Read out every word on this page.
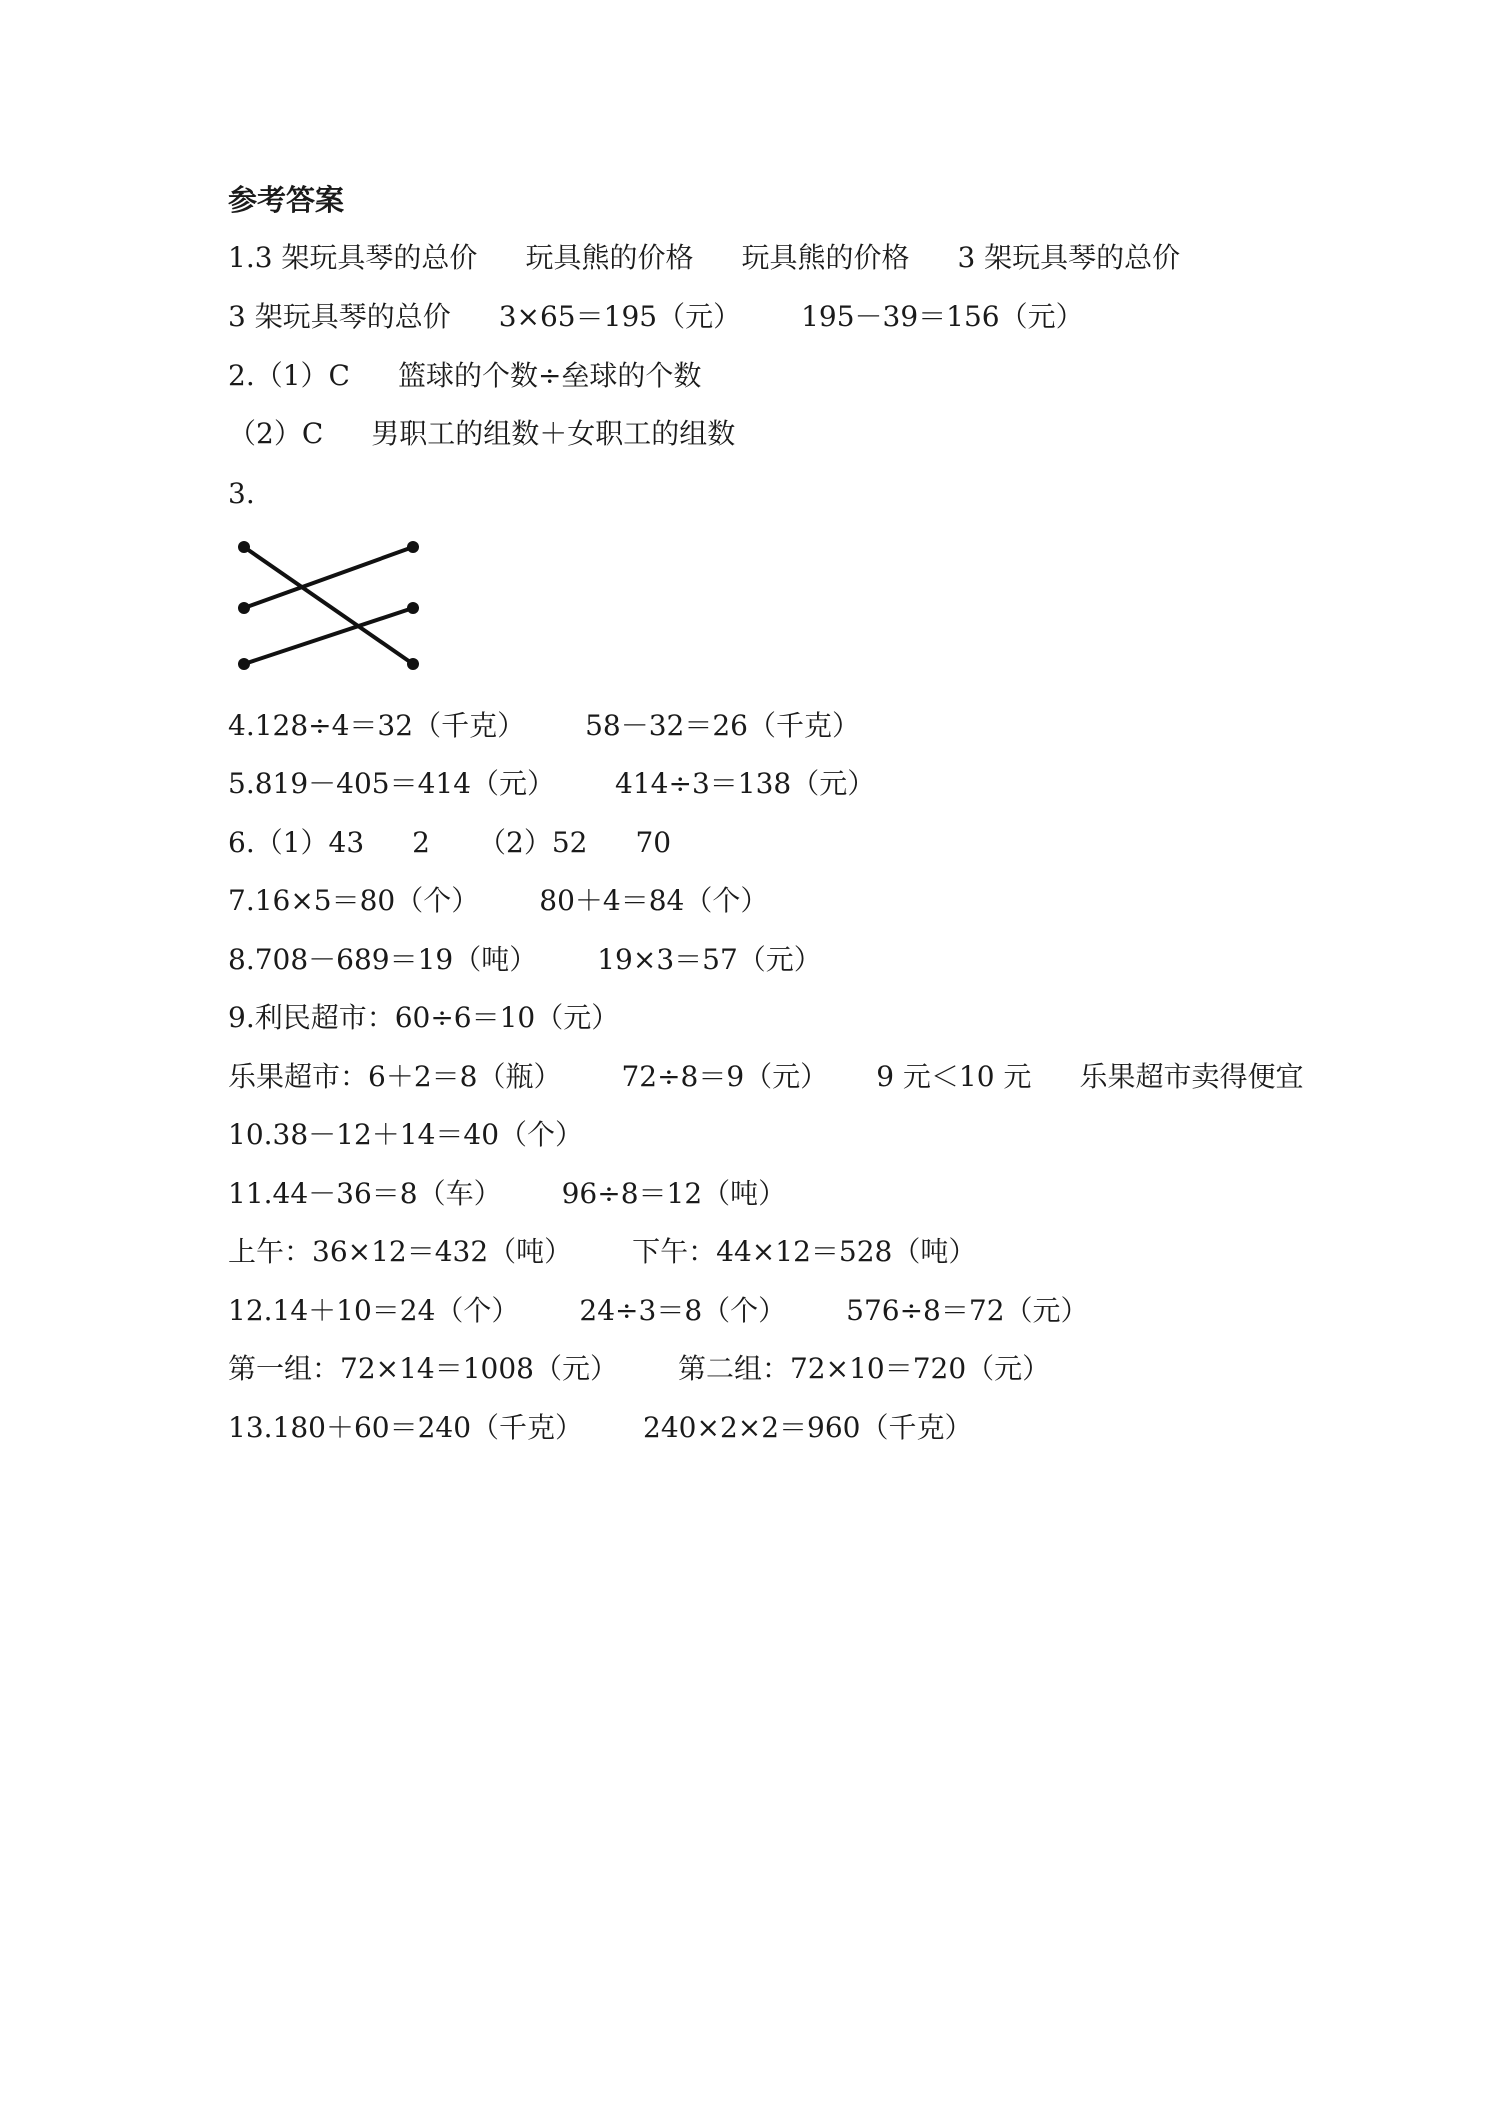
参考答案
1.3 架玩具琴的总价 玩具熊的价格 玩具熊的价格 3 架玩具琴的总价
3 架玩具琴的总价 3×65＝195（元） 195－39＝156（元）
2.（1）C 篮球的个数÷垒球的个数
（2）C 男职工的组数＋女职工的组数
3.
4.128÷4＝32（千克） 58－32＝26（千克）
5.819－405＝414（元） 414÷3＝138（元）
6.（1）43 2 （2）52 70
7.16×5＝80（个） 80＋4＝84（个）
8.708－689＝19（吨） 19×3＝57（元）
9.利民超市：60÷6＝10（元）
乐果超市：6＋2＝8（瓶） 72÷8＝9（元） 9 元＜10 元 乐果超市卖得便宜
10.38－12＋14＝40（个）
11.44－36＝8（车） 96÷8＝12（吨）
上午：36×12＝432（吨） 下午：44×12＝528（吨）
12.14＋10＝24（个） 24÷3＝8（个） 576÷8＝72（元）
第一组：72×14＝1008（元） 第二组：72×10＝720（元）
13.180＋60＝240（千克） 240×2×2＝960（千克）
